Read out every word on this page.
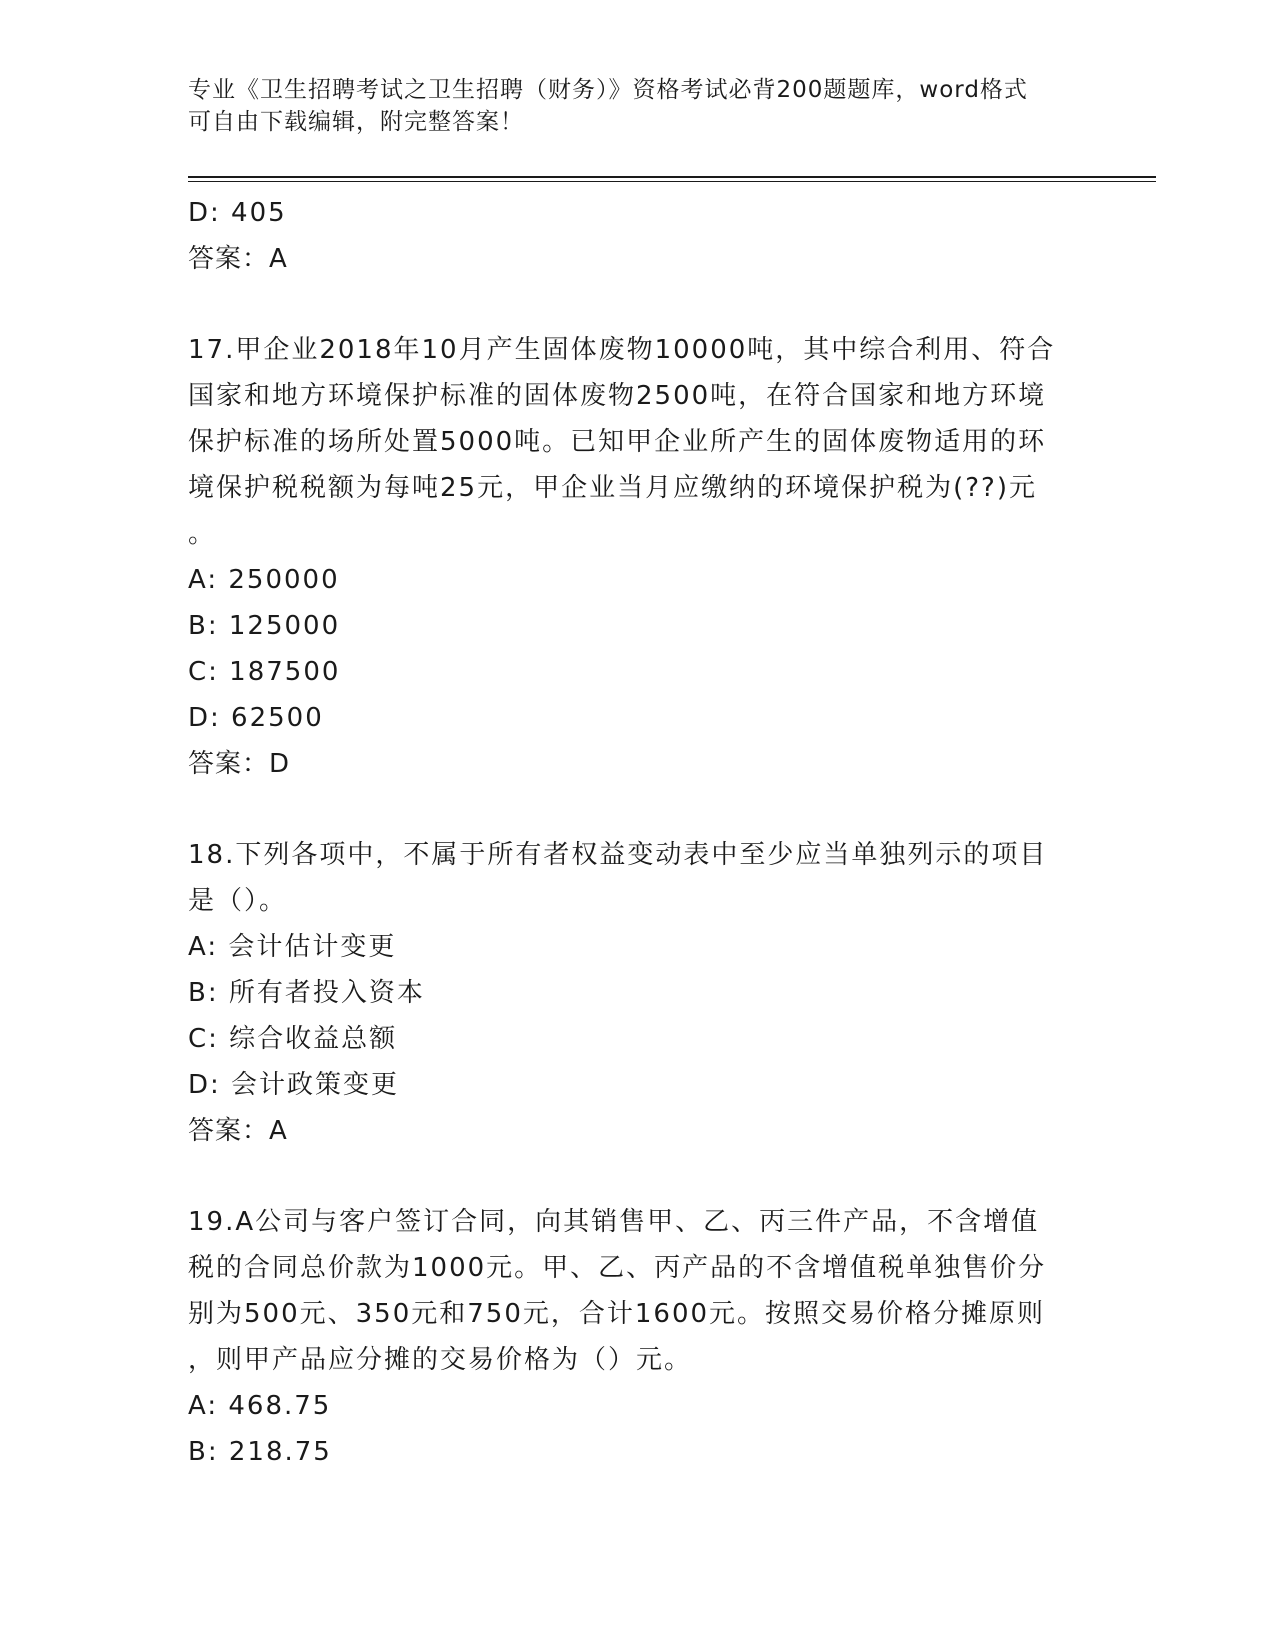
专业《卫生招聘考试之卫生招聘（财务）》资格考试必背200题题库，word格式
可自由下载编辑，附完整答案！
D: 405
答案：A
17.甲企业2018年10月产生固体废物10000吨，其中综合利用、符合
国家和地方环境保护标准的固体废物2500吨，在符合国家和地方环境
保护标准的场所处置5000吨。已知甲企业所产生的固体废物适用的环
境保护税税额为每吨25元，甲企业当月应缴纳的环境保护税为(??)元
。
A: 250000
B: 125000
C: 187500
D: 62500
答案：D
18.下列各项中，不属于所有者权益变动表中至少应当单独列示的项目
是（）。
A: 会计估计变更
B: 所有者投入资本
C: 综合收益总额
D: 会计政策变更
答案：A
19.A公司与客户签订合同，向其销售甲、乙、丙三件产品，不含增值
税的合同总价款为1000元。甲、乙、丙产品的不含增值税单独售价分
别为500元、350元和750元，合计1600元。按照交易价格分摊原则
，则甲产品应分摊的交易价格为（）元。
A: 468.75
B: 218.75
